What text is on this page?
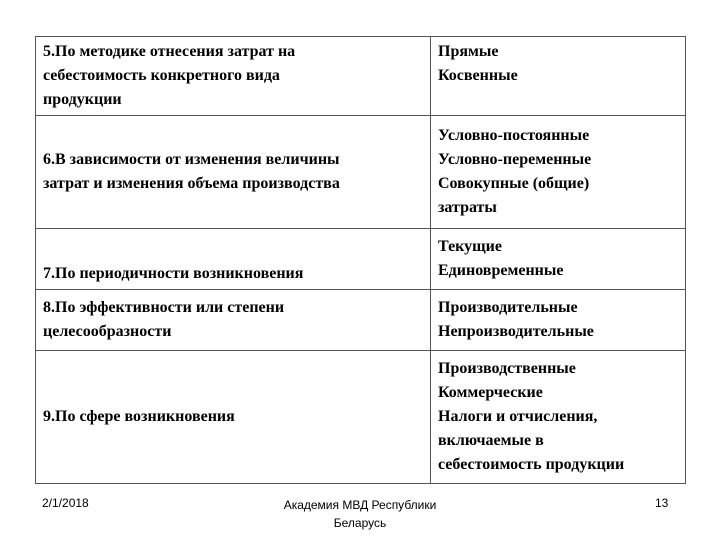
5.По методике отнесения затрат на
себестоимость конкретного вида
продукции	Прямые
Косвенные

6.В зависимости от изменения величины
затрат и изменения объема производства	Условно-постоянные
Условно-переменные
Совокупные (общие)
затраты

7.По периодичности возникновения	Текущие
Единовременные

8.По эффективности или степени
целесообразности	Производительные
Непроизводительные

9.По сфере возникновения	Производственные
Коммерческие
Налоги и отчисления,
включаемые в
себестоимость продукции
2/1/2018	Академия МВД Республики
Беларусь
13
